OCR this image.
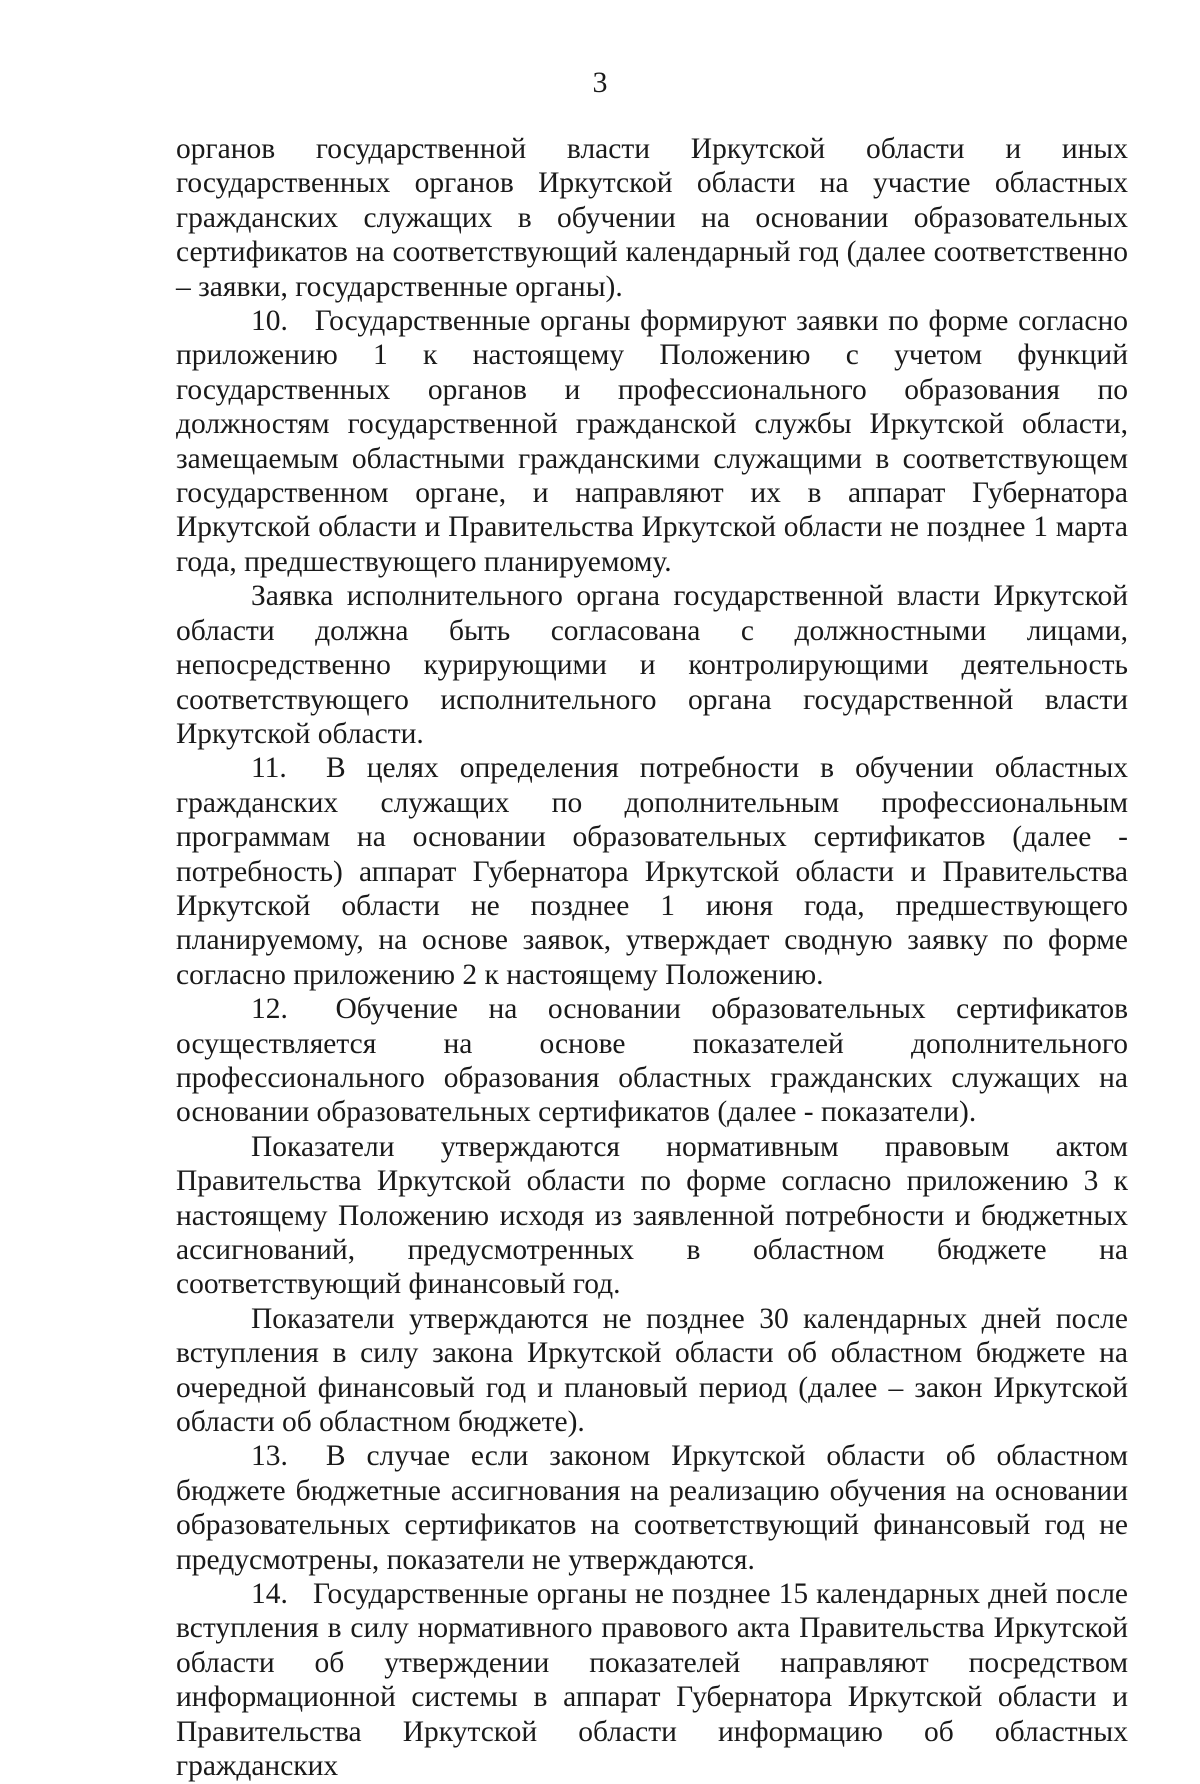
3

органов государственной власти Иркутской области и иных государственных органов Иркутской области на участие областных гражданских служащих в обучении на основании образовательных сертификатов на соответствующий календарный год (далее соответственно – заявки, государственные органы).

10. Государственные органы формируют заявки по форме согласно приложению 1 к настоящему Положению с учетом функций государственных органов и профессионального образования по должностям государственной гражданской службы Иркутской области, замещаемым областными гражданскими служащими в соответствующем государственном органе, и направляют их в аппарат Губернатора Иркутской области и Правительства Иркутской области не позднее 1 марта года, предшествующего планируемому.

Заявка исполнительного органа государственной власти Иркутской области должна быть согласована с должностными лицами, непосредственно курирующими и контролирующими деятельность соответствующего исполнительного органа государственной власти Иркутской области.

11. В целях определения потребности в обучении областных гражданских служащих по дополнительным профессиональным программам на основании образовательных сертификатов (далее - потребность) аппарат Губернатора Иркутской области и Правительства Иркутской области не позднее 1 июня года, предшествующего планируемому, на основе заявок, утверждает сводную заявку по форме согласно приложению 2 к настоящему Положению.

12. Обучение на основании образовательных сертификатов осуществляется на основе показателей дополнительного профессионального образования областных гражданских служащих на основании образовательных сертификатов (далее - показатели).

Показатели утверждаются нормативным правовым актом Правительства Иркутской области по форме согласно приложению 3 к настоящему Положению исходя из заявленной потребности и бюджетных ассигнований, предусмотренных в областном бюджете на соответствующий финансовый год.

Показатели утверждаются не позднее 30 календарных дней после вступления в силу закона Иркутской области об областном бюджете на очередной финансовый год и плановый период (далее – закон Иркутской области об областном бюджете).

13. В случае если законом Иркутской области об областном бюджете бюджетные ассигнования на реализацию обучения на основании образовательных сертификатов на соответствующий финансовый год не предусмотрены, показатели не утверждаются.

14. Государственные органы не позднее 15 календарных дней после вступления в силу нормативного правового акта Правительства Иркутской области об утверждении показателей направляют посредством информационной системы в аппарат Губернатора Иркутской области и Правительства Иркутской области информацию об областных гражданских
